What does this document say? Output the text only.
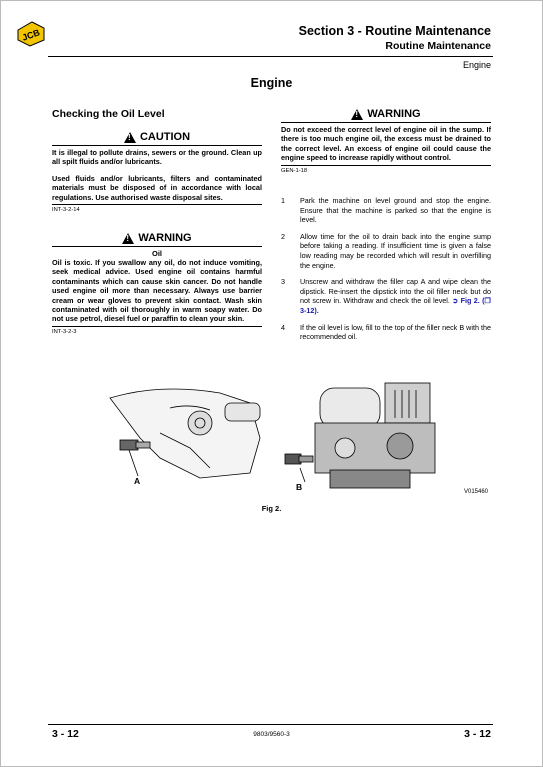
JCB	Section 3 - Routine Maintenance
Routine Maintenance
Engine
Engine
Checking the Oil Level
!
CAUTION
It is illegal to pollute drains, sewers or the ground. Clean up all spilt fluids and/or lubricants.
Used fluids and/or lubricants, filters and contaminated materials must be disposed of in accordance with local regulations. Use authorised waste disposal sites.
INT-3-2-14
!
WARNING
Oil
Oil is toxic. If you swallow any oil, do not induce vomiting, seek medical advice. Used engine oil contains harmful contaminants which can cause skin cancer. Do not handle used engine oil more than necessary. Always use barrier cream or wear gloves to prevent skin contact. Wash skin contaminated with oil thoroughly in warm soapy water. Do not use petrol, diesel fuel or paraffin to clean your skin.
INT-3-2-3
!
WARNING
Do not exceed the correct level of engine oil in the sump. If there is too much engine oil, the excess must be drained to the correct level. An excess of engine oil could cause the engine speed to increase rapidly without control.
GEN-1-18
1	Park the machine on level ground and stop the engine. Ensure that the machine is parked so that the engine is level.
2	Allow time for the oil to drain back into the engine sump before taking a reading. If insufficient time is given a false low reading may be recorded which will result in overfilling the engine.
3	Unscrew and withdraw the filler cap A and wipe clean the dipstick. Re-insert the dipstick into the oil filler neck but do not screw in. Withdraw and check the oil level. ➲ Fig 2. (❐ 3-12).
4	If the oil level is low, fill to the top of the filler neck B with the recommended oil.
A
B	V015460
Fig 2.
3 - 12	9803/9560-3	3 - 12
